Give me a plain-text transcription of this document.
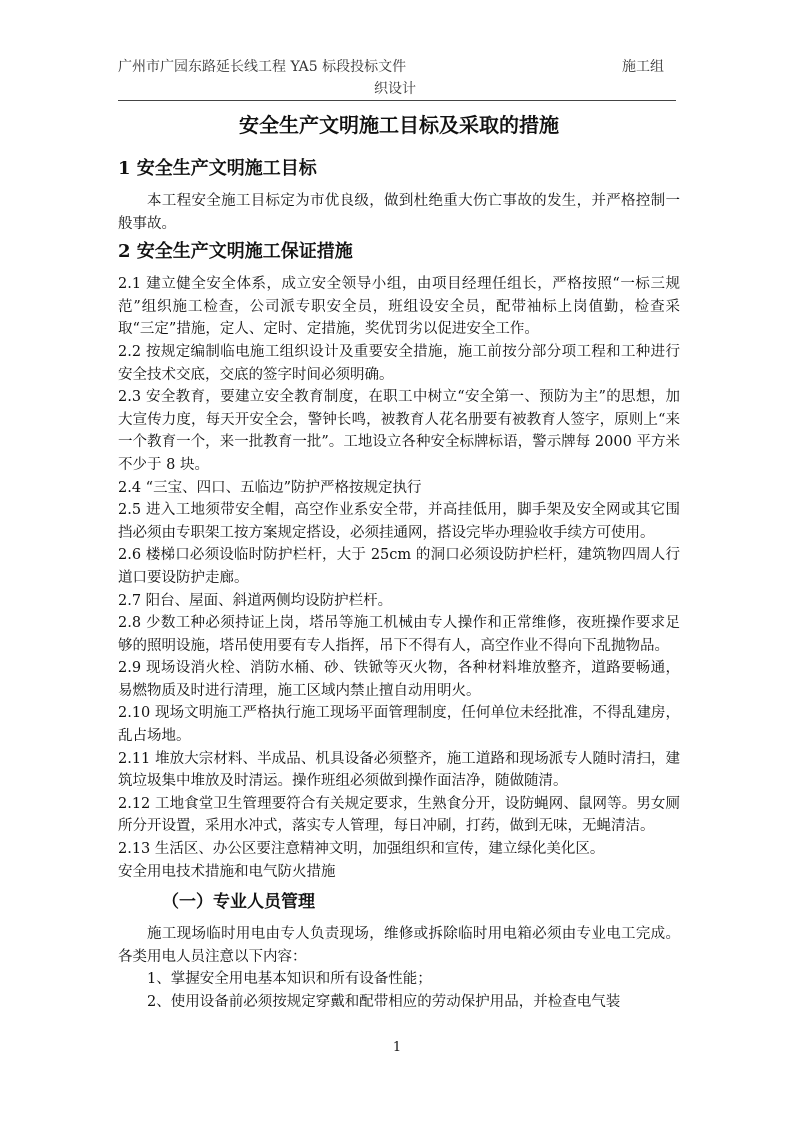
广州市广园东路延长线工程 YA5 标段投标文件	施工组
织设计
安全生产文明施工目标及采取的措施
1 安全生产文明施工目标

本工程安全施工目标定为市优良级，做到杜绝重大伤亡事故的发生，并严格控制一般事故。

2 安全生产文明施工保证措施

2.1 建立健全安全体系，成立安全领导小组，由项目经理任组长，严格按照“一标三规范”组织施工检查，公司派专职安全员，班组设安全员，配带袖标上岗值勤，检查采取“三定”措施，定人、定时、定措施，奖优罚劣以促进安全工作。

2.2 按规定编制临电施工组织设计及重要安全措施，施工前按分部分项工程和工种进行安全技术交底，交底的签字时间必须明确。

2.3 安全教育，要建立安全教育制度，在职工中树立“安全第一、预防为主”的思想，加大宣传力度，每天开安全会，警钟长鸣，被教育人花名册要有被教育人签字，原则上“来一个教育一个，来一批教育一批”。工地设立各种安全标牌标语，警示牌每 2000 平方米不少于 8 块。

2.4 “三宝、四口、五临边”防护严格按规定执行

2.5 进入工地须带安全帽，高空作业系安全带，并高挂低用，脚手架及安全网或其它围挡必须由专职架工按方案规定搭设，必须挂通网，搭设完毕办理验收手续方可使用。

2.6 楼梯口必须设临时防护栏杆，大于 25cm 的洞口必须设防护栏杆，建筑物四周人行道口要设防护走廊。

2.7 阳台、屋面、斜道两侧均设防护栏杆。

2.8 少数工种必须持证上岗，塔吊等施工机械由专人操作和正常维修，夜班操作要求足够的照明设施，塔吊使用要有专人指挥，吊下不得有人，高空作业不得向下乱抛物品。

2.9 现场设消火栓、消防水桶、砂、铁锨等灭火物，各种材料堆放整齐，道路要畅通，易燃物质及时进行清理，施工区域内禁止擅自动用明火。

2.10 现场文明施工严格执行施工现场平面管理制度，任何单位未经批准，不得乱建房，乱占场地。

2.11 堆放大宗材料、半成品、机具设备必须整齐，施工道路和现场派专人随时清扫，建筑垃圾集中堆放及时清运。操作班组必须做到操作面洁净，随做随清。

2.12 工地食堂卫生管理要符合有关规定要求，生熟食分开，设防蝇网、鼠网等。男女厕所分开设置，采用水冲式，落实专人管理，每日冲刷，打药，做到无味，无蝇清洁。

2.13 生活区、办公区要注意精神文明，加强组织和宣传，建立绿化美化区。

安全用电技术措施和电气防火措施

（一）专业人员管理

施工现场临时用电由专人负责现场，维修或拆除临时用电箱必须由专业电工完成。各类用电人员注意以下内容：

1、掌握安全用电基本知识和所有设备性能；

2、使用设备前必须按规定穿戴和配带相应的劳动保护用品，并检查电气装

1
